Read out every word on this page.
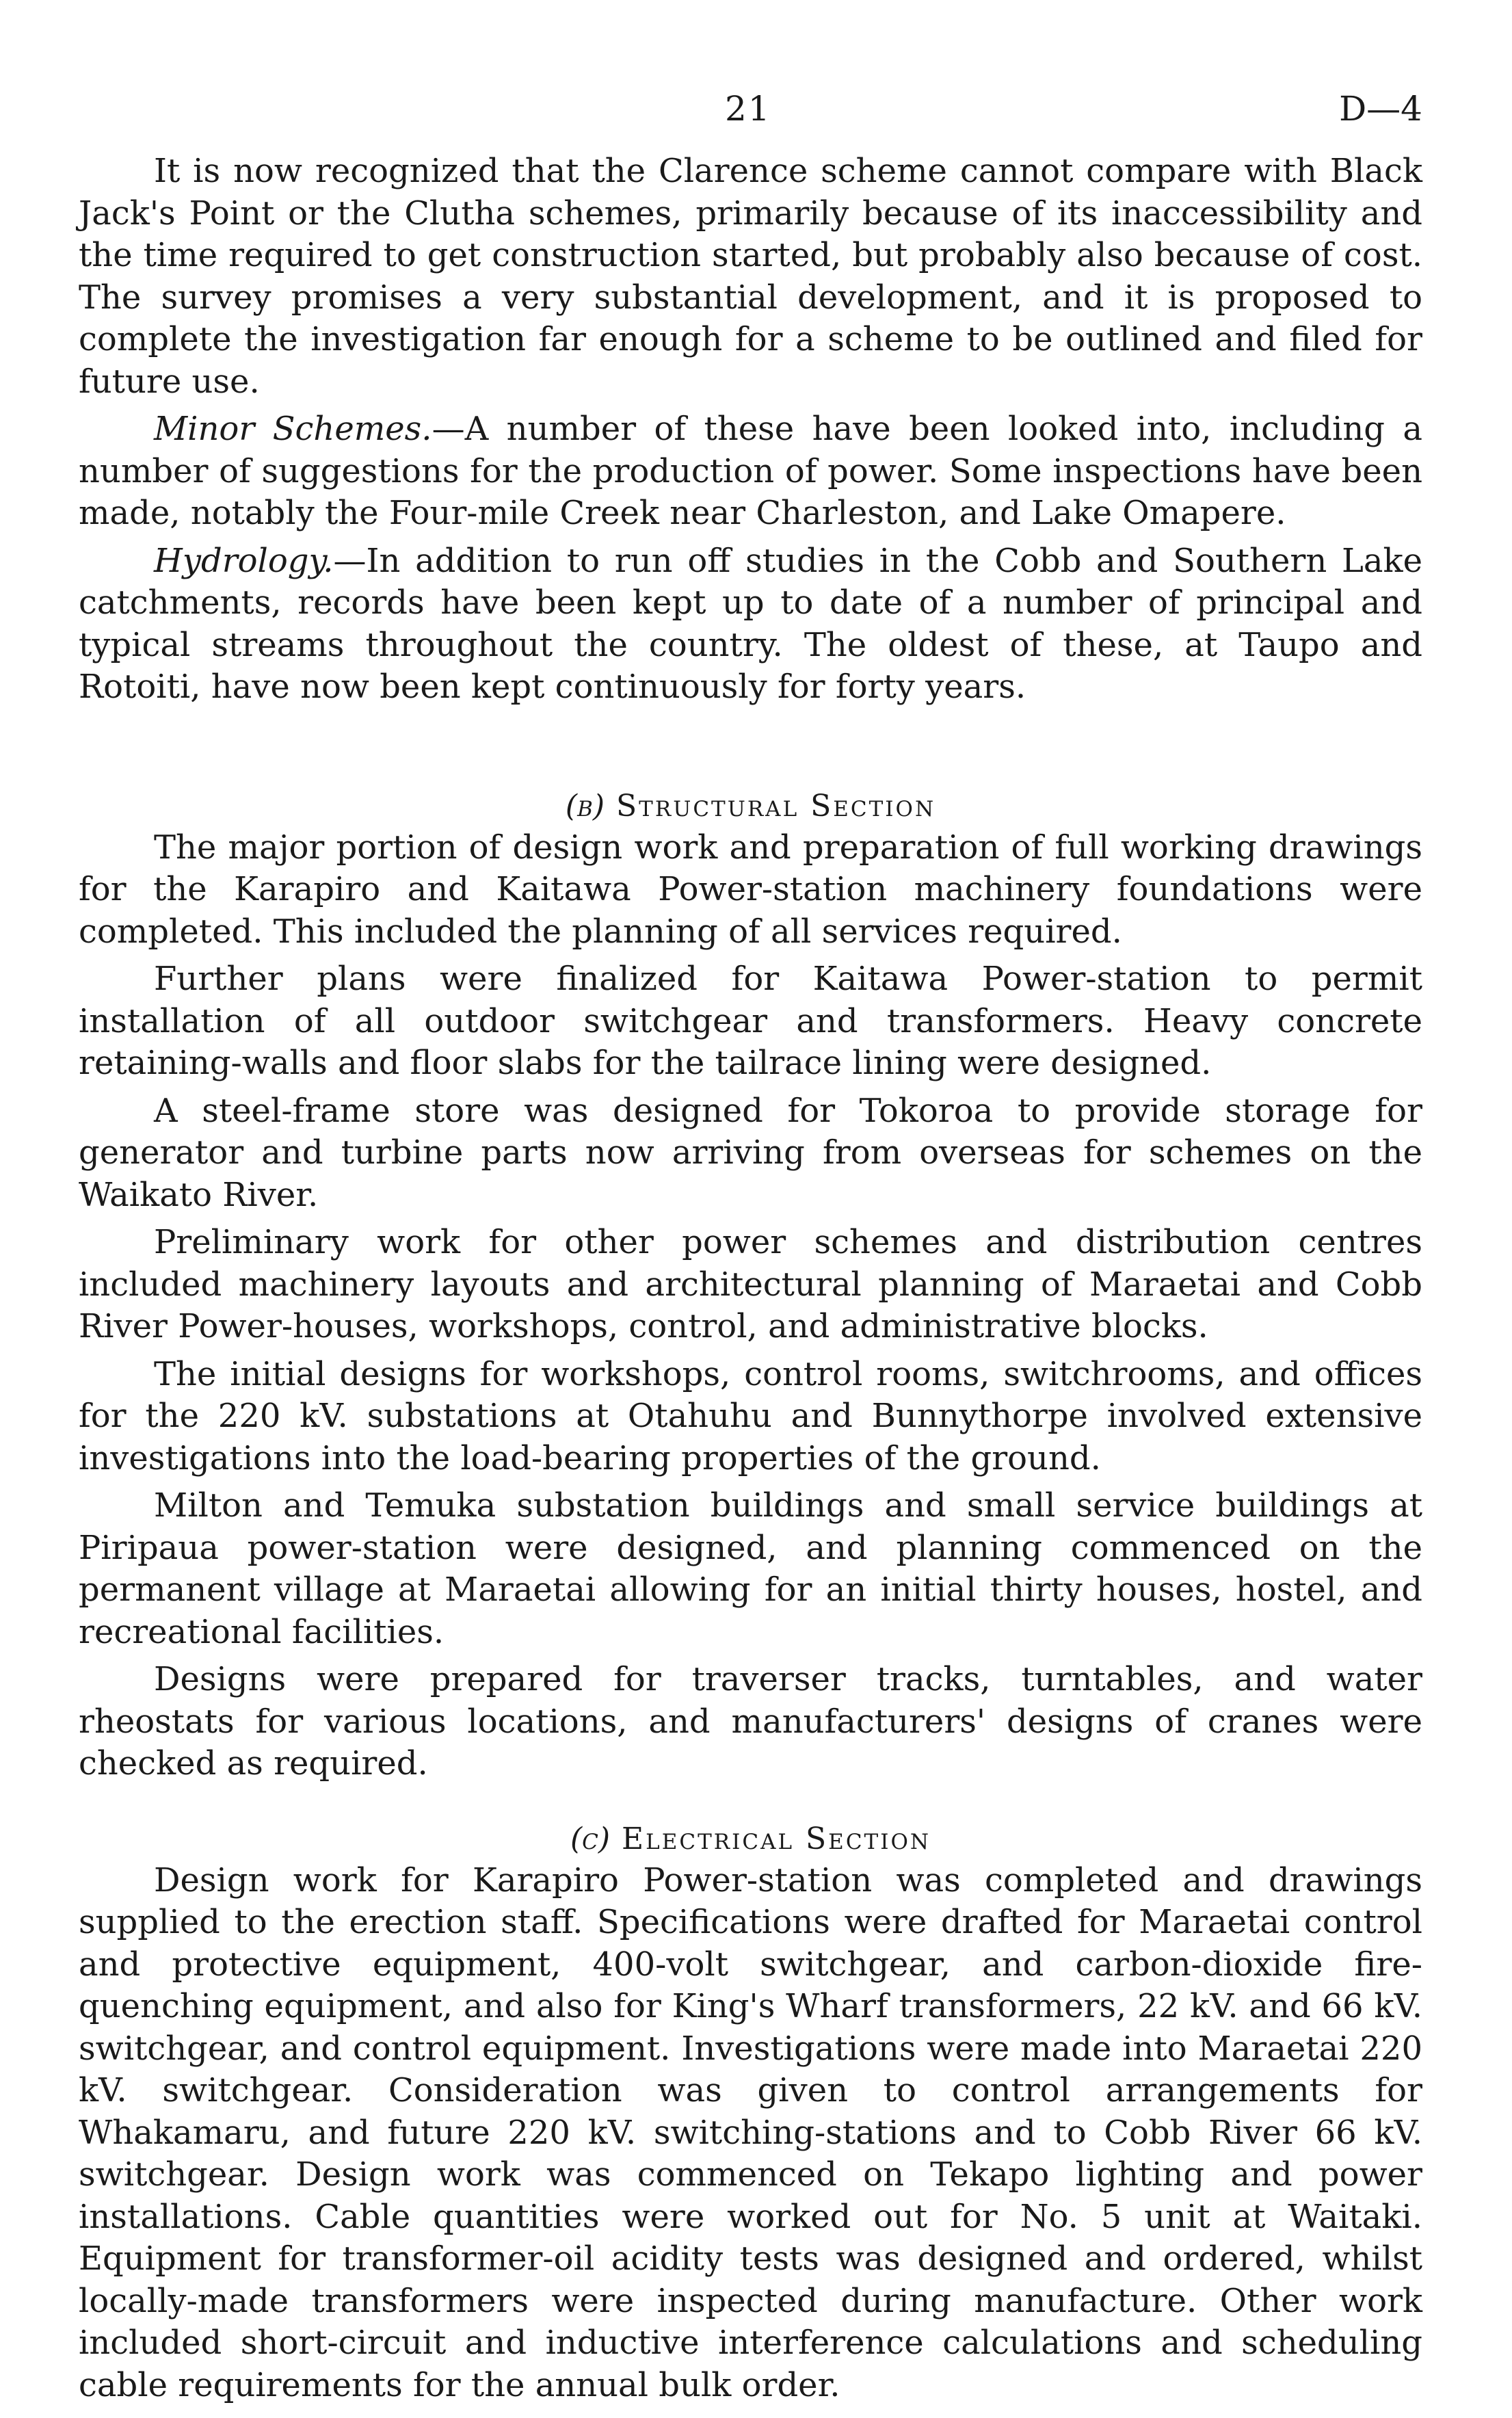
21	D—4

It is now recognized that the Clarence scheme cannot compare with Black Jack's Point or the Clutha schemes, primarily because of its inaccessibility and the time required to get construction started, but probably also because of cost. The survey promises a very substantial development, and it is proposed to complete the investigation far enough for a scheme to be outlined and filed for future use.

Minor Schemes.—A number of these have been looked into, including a number of suggestions for the production of power. Some inspections have been made, notably the Four-mile Creek near Charleston, and Lake Omapere.

Hydrology.—In addition to run off studies in the Cobb and Southern Lake catchments, records have been kept up to date of a number of principal and typical streams throughout the country. The oldest of these, at Taupo and Rotoiti, have now been kept continuously for forty years.

(b) Structural Section

The major portion of design work and preparation of full working drawings for the Karapiro and Kaitawa Power-station machinery foundations were completed. This included the planning of all services required.

Further plans were finalized for Kaitawa Power-station to permit installation of all outdoor switchgear and transformers. Heavy concrete retaining-walls and floor slabs for the tailrace lining were designed.

A steel-frame store was designed for Tokoroa to provide storage for generator and turbine parts now arriving from overseas for schemes on the Waikato River.

Preliminary work for other power schemes and distribution centres included machinery layouts and architectural planning of Maraetai and Cobb River Power-houses, workshops, control, and administrative blocks.

The initial designs for workshops, control rooms, switchrooms, and offices for the 220 kV. substations at Otahuhu and Bunnythorpe involved extensive investigations into the load-bearing properties of the ground.

Milton and Temuka substation buildings and small service buildings at Piripaua power-station were designed, and planning commenced on the permanent village at Maraetai allowing for an initial thirty houses, hostel, and recreational facilities.

Designs were prepared for traverser tracks, turntables, and water rheostats for various locations, and manufacturers' designs of cranes were checked as required.

(c) Electrical Section

Design work for Karapiro Power-station was completed and drawings supplied to the erection staff. Specifications were drafted for Maraetai control and protective equipment, 400-volt switchgear, and carbon-dioxide fire-quenching equipment, and also for King's Wharf transformers, 22 kV. and 66 kV. switchgear, and control equipment. Investigations were made into Maraetai 220 kV. switchgear. Consideration was given to control arrangements for Whakamaru, and future 220 kV. switching-stations and to Cobb River 66 kV. switchgear. Design work was commenced on Tekapo lighting and power installations. Cable quantities were worked out for No. 5 unit at Waitaki. Equipment for transformer-oil acidity tests was designed and ordered, whilst locally-made transformers were inspected during manufacture. Other work included short-circuit and inductive interference calculations and scheduling cable requirements for the annual bulk order.
